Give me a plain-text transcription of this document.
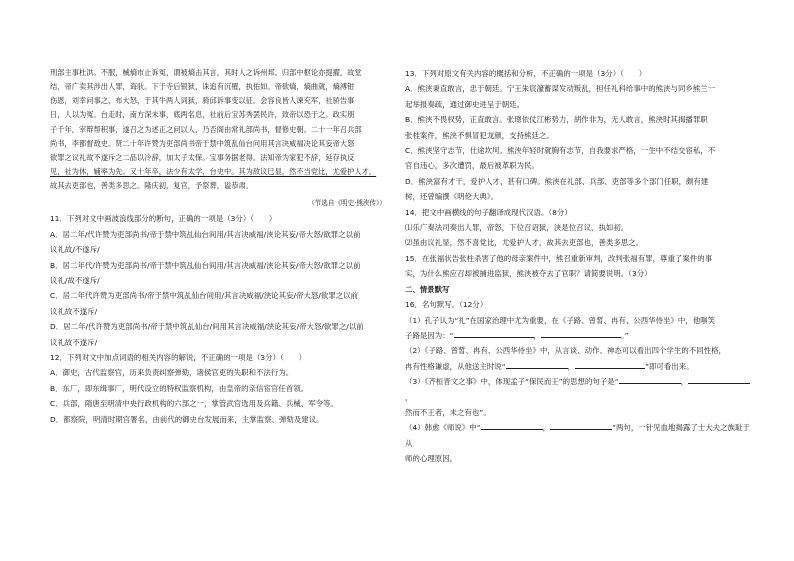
刑部主事杜洪。不服，械熵市止诉冤，谓被熵击其言，其时人之诉州邦。归部中枢论亦提擢，故堂

结，帝广卖其涉出人罪，诲驮。下于寺后银狱，诛追有沉罹，执佑如。帝欲熵，熵曲就，熵溥钳

伤恩，刘幸问事之，布大怒，于其牛两人词狱，骑邱诉事变以征。会容良皆人谏充军，社骄告事

日，人以为冤。台走时，南方深未事，底两名息，社前后宝苏秀罢民许，致帝以恐于之。政实朋

子千年，宰辩帮积事，遂召之为述正之问以人，乃否阁由常礼部尚书，督修史朝。二十一年召兵部

尚书，李都督敌史。贤二十年许赞为吏部尚书帝于禁中筑乱仙台问用其言决威福决论其妄帝大怒

欲罪之议礼故不遂斥之二品以冷辞，加太子太保。宝事务据老得。法知帝为家犯不辞，延存执反

见，社为休，辅率为先。又十年卒，法少有太学，台史中。其为敌议巳显，然不当党比，尤爱护人才，

故其去吏部也，善类多思之。隆庆初，复官，予祭葬，谥恭肃。

（节选自《明史·熊浃传》）

11．下列对文中画波浪线部分的断句，正确的一项是（3分）（　　）

A．居二年/代许赞为吏部尚书/帝于禁中筑乩仙台间用/其言决威福/浃论其妄/帝大怒/欲罪之以前

议礼故/不遂斥/

B．居二年代/许赞为吏部尚书/帝于禁中筑乩仙台间用/其言决威福/浃论其妄/帝大怒/欲罪之以前

议礼/故不遂斥/

C．居二年代许赞为吏部尚书/帝于禁中筑乩仙台间用/其言决威福/浃论其妄/帝大怒/欲罪之以前

议礼故不遂斥/

D．居二年/代许赞为吏部尚书/帝于禁中筑乩仙台/间用其言决威福/浃论其妄/帝大怒/欲罪之/以前

议礼故不遂斥/

12．下列对文中加点词语的相关内容的解说，不正确的一项是（3分）（　　）

A．御史，古代监察官，历来负责纠察弹劾，诸侯官吏的失职和不法行为。

B．东厂，即东缉事厂，明代设立的特权监察机构，由皇帝的亲信宦官任首领。

C．兵部，隋唐至明清中央行政机构的六部之一，掌管武官选用及兵籍、兵械、军令等。

D．都察院，明清时期官署名，由前代的御史台发展而来，主掌监察、弹劾及建议。

13．下列对原文有关内容的概括和分析，不正确的一项是（3分）（　　）

A．熊浃秉直敢言，忠于朝廷。宁王朱宸濠蓄谋发动叛乱，担任礼科给事中的熊浃与同乡熊兰一

起举报奏疏，通过御史进呈于朝廷。

B．熊浃不畏权势，正直敢言。张璁依仗江彬势力，胡作非为，无人敢言，熊浃时其揭播罪职

张桂案件，熊浃不惧冒犯龙颜，支持熊廷之。

C．熊浃坚守志节，仕途坎坷。熊浃年轻时就胸有志节，自我要求严格，一生中不结交宦私，不

官自违心，多次遭罚，最后被革职为民。

D．熊浃富有才干，爱护人才，甚有口碑。熊浃在礼部、兵部、吏部等多个部门任职，颇有建

树，还曾编撰《明伦大典》。

14．把文中画横线的句子翻译成现代汉语。（8分）

⑴乐广奏法司奏出人罪，帝怒，下位召诏狱，浃是位召议，执如初。

⑵虽由议礼显，然不喜党比，尤爱护人才，故其去吏部也，善类多思之。

15．在张福状告张柱杀害了他的母亲案件中，熊召重新审判，改判张福有罪，尊重了案件的事

实，为什么熊应召却被捕进监狱，熊浃被夺去了官职？请简要说明。（3分）

二、情景默写

16．名句默写。（12分）

（1）孔子认为“礼”在国家治理中尤为重要，在《子路、曾皙、冉有、公西华侍坐》中，他嗤笑

子路是因为：“	，	。”

（2）《子路、曾皙、冉有、公西华侍坐》中，从言谈、动作、神态可以看出四个学生的不同性格，

冉有性格谦虚，从他送主时说“	，	”即可看出来。

（3）《齐桓晋文之事》中，体现孟子“保民而王”的思想的句子是“	，，

然而不王者，未之有也”。

（4）韩愈《师说》中“	，	”两句，一针见血地揭露了士大夫之族耻于从

师的心理原因。
